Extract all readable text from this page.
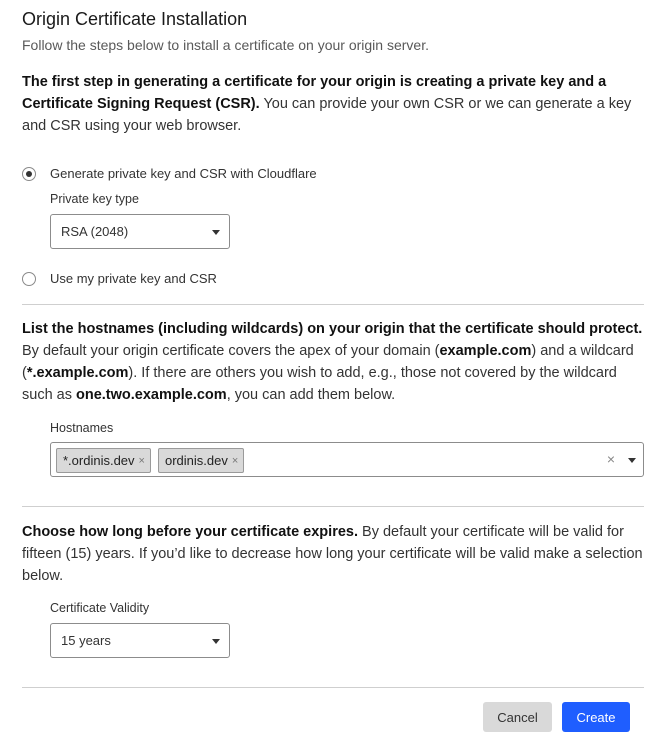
Origin Certificate Installation
Follow the steps below to install a certificate on your origin server.
The first step in generating a certificate for your origin is creating a private key and a Certificate Signing Request (CSR). You can provide your own CSR or we can generate a key and CSR using your web browser.
Generate private key and CSR with Cloudflare
Private key type
RSA (2048)
Use my private key and CSR
List the hostnames (including wildcards) on your origin that the certificate should protect. By default your origin certificate covers the apex of your domain (example.com) and a wildcard (*.example.com). If there are others you wish to add, e.g., those not covered by the wildcard such as one.two.example.com, you can add them below.
Hostnames
*.ordinis.dev × ordinis.dev ×	×
Choose how long before your certificate expires. By default your certificate will be valid for fifteen (15) years. If you’d like to decrease how long your certificate will be valid make a selection below.
Certificate Validity
15 years
Cancel	Create
